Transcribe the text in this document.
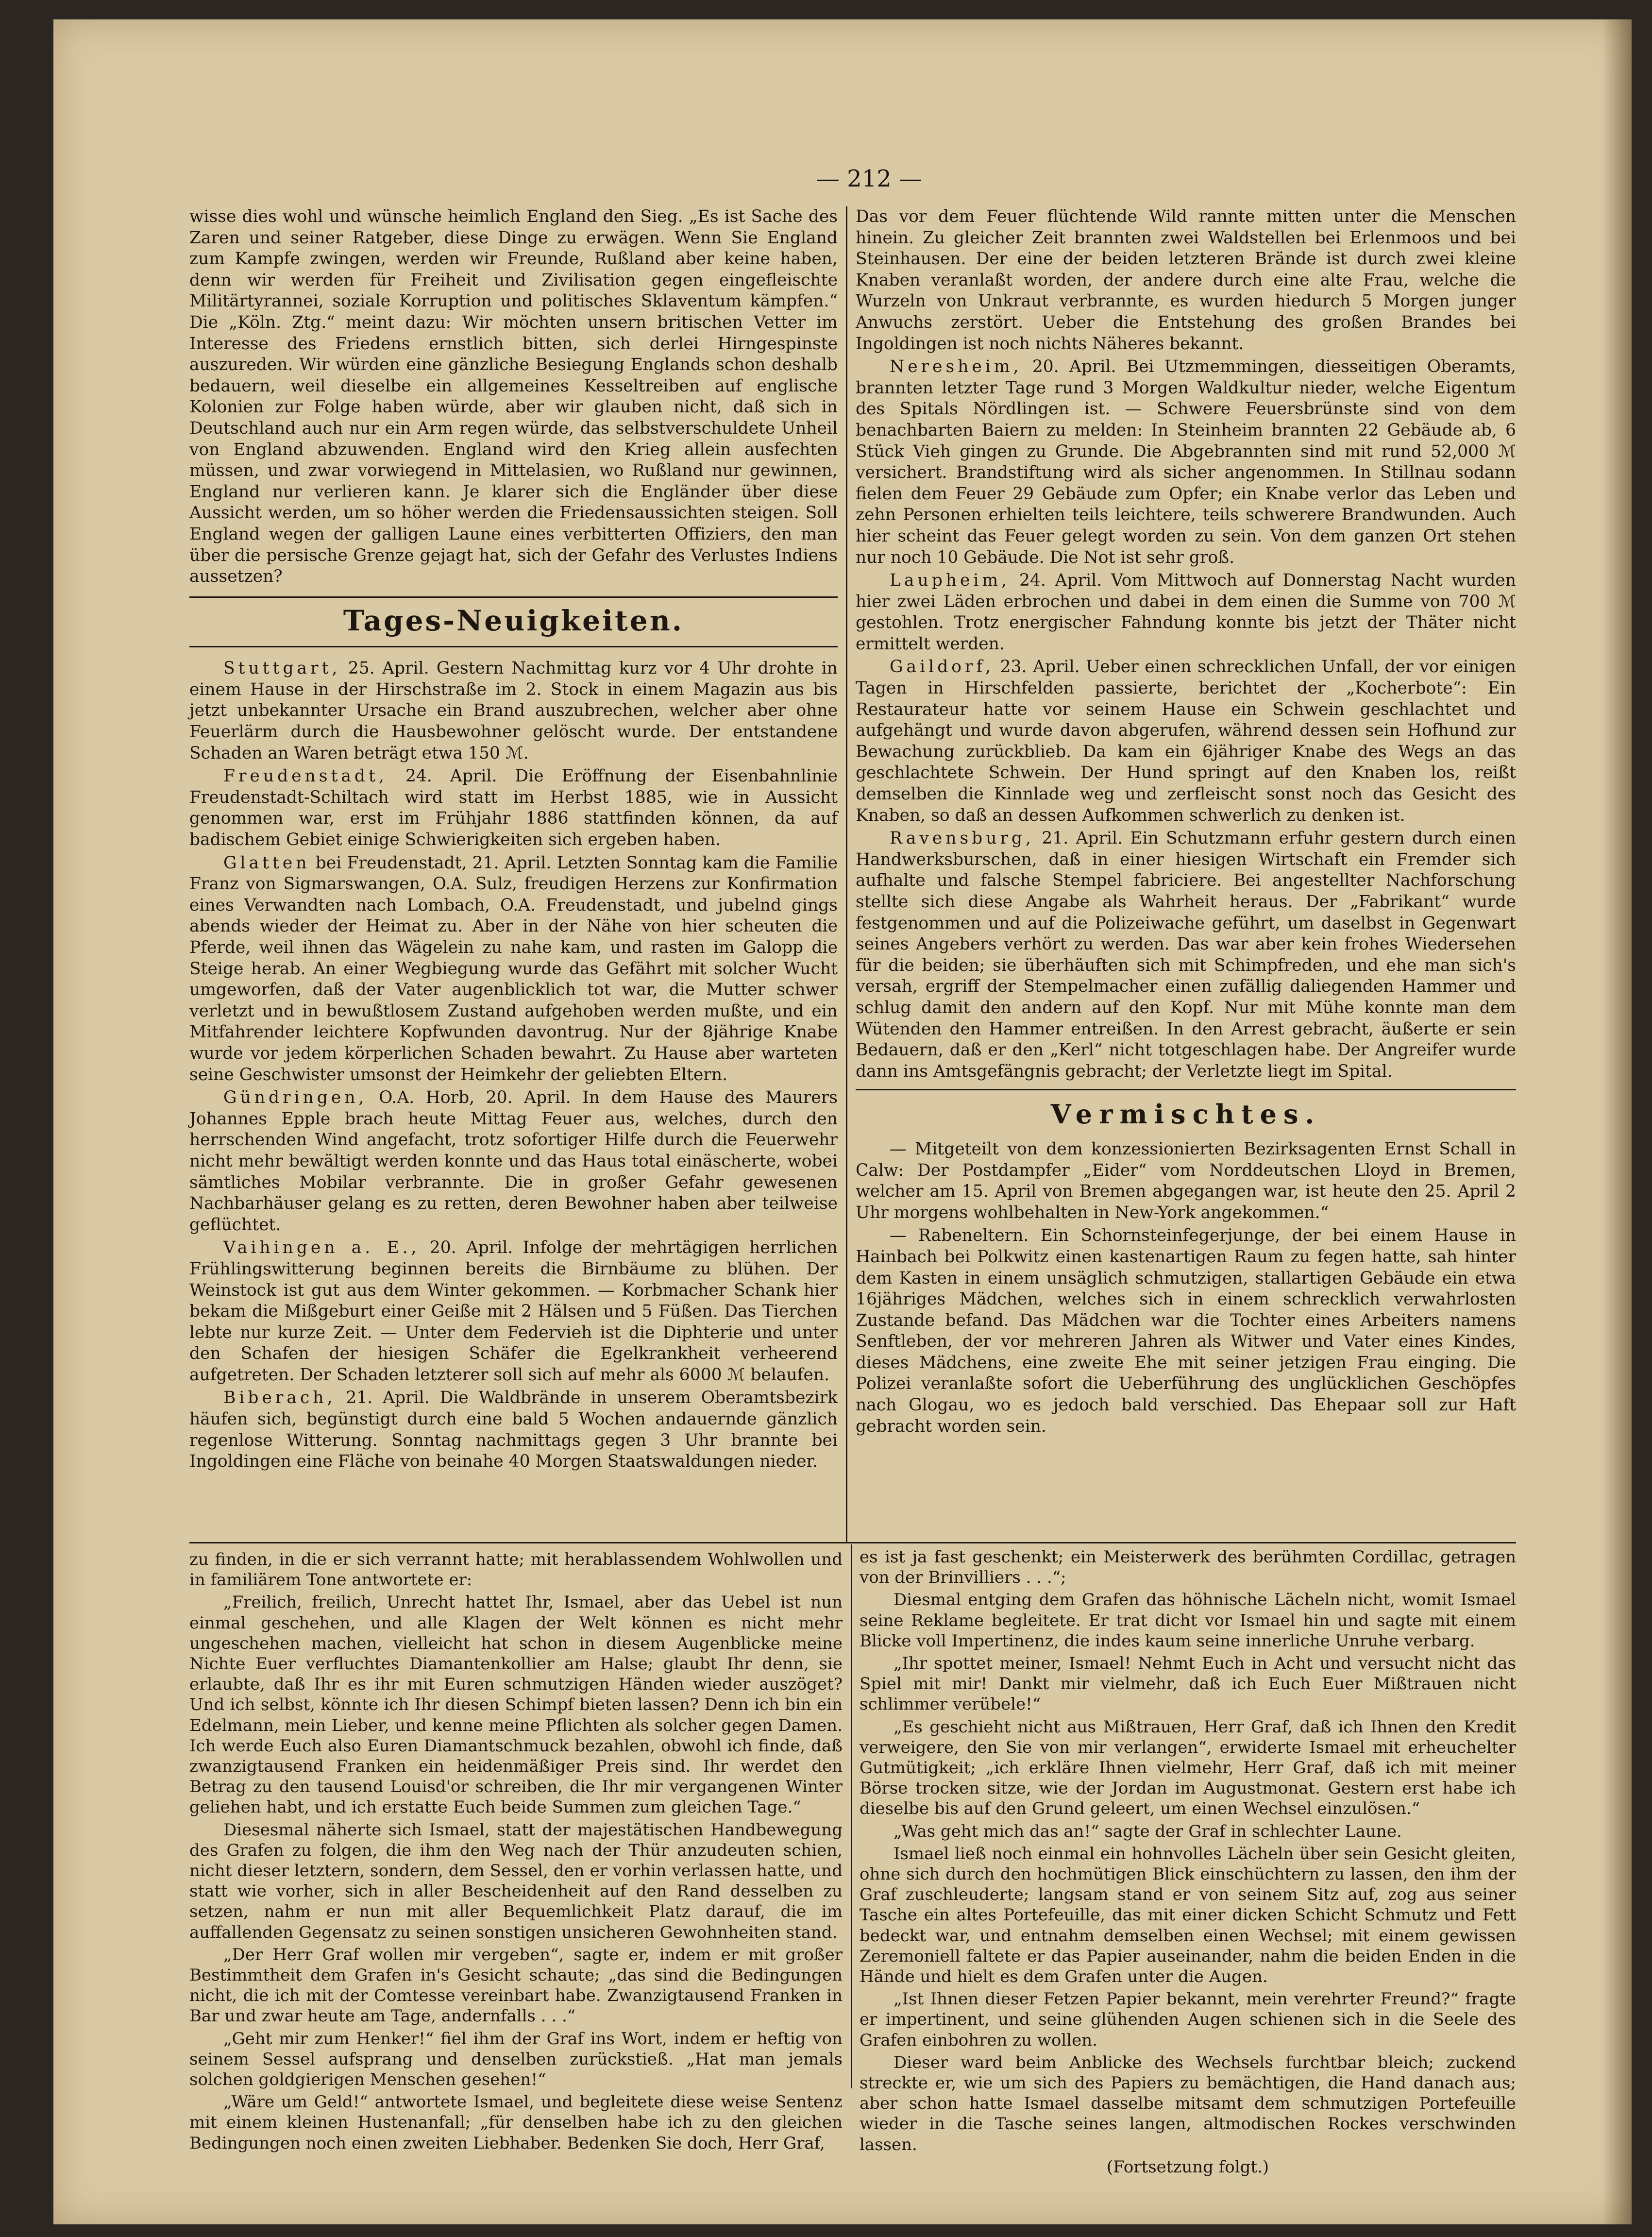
— 212 —

wisse dies wohl und wünsche heimlich England den Sieg. „Es ist Sache des Zaren und seiner Ratgeber, diese Dinge zu erwägen. Wenn Sie England zum Kampfe zwingen, werden wir Freunde, Rußland aber keine haben, denn wir werden für Freiheit und Zivilisation gegen eingefleischte Militärtyrannei, soziale Korruption und politisches Sklaventum kämpfen.“ Die „Köln. Ztg.“ meint dazu: Wir möchten unsern britischen Vetter im Interesse des Friedens ernstlich bitten, sich derlei Hirngespinste auszureden. Wir würden eine gänzliche Besiegung Englands schon deshalb bedauern, weil dieselbe ein allgemeines Kesseltreiben auf englische Kolonien zur Folge haben würde, aber wir glauben nicht, daß sich in Deutschland auch nur ein Arm regen würde, das selbstverschuldete Unheil von England abzuwenden. England wird den Krieg allein ausfechten müssen, und zwar vorwiegend in Mittelasien, wo Rußland nur gewinnen, England nur verlieren kann. Je klarer sich die Engländer über diese Aussicht werden, um so höher werden die Friedensaussichten steigen. Soll England wegen der galligen Laune eines verbitterten Offiziers, den man über die persische Grenze gejagt hat, sich der Gefahr des Verlustes Indiens aussetzen?

Tages-Neuigkeiten.

Stuttgart, 25. April. Gestern Nachmittag kurz vor 4 Uhr drohte in einem Hause in der Hirschstraße im 2. Stock in einem Magazin aus bis jetzt unbekannter Ursache ein Brand auszubrechen, welcher aber ohne Feuerlärm durch die Hausbewohner gelöscht wurde. Der entstandene Schaden an Waren beträgt etwa 150 ℳ.

Freudenstadt, 24. April. Die Eröffnung der Eisenbahnlinie Freudenstadt-Schiltach wird statt im Herbst 1885, wie in Aussicht genommen war, erst im Frühjahr 1886 stattfinden können, da auf badischem Gebiet einige Schwierigkeiten sich ergeben haben.

Glatten bei Freudenstadt, 21. April. Letzten Sonntag kam die Familie Franz von Sigmarswangen, O.A. Sulz, freudigen Herzens zur Konfirmation eines Verwandten nach Lombach, O.A. Freudenstadt, und jubelnd gings abends wieder der Heimat zu. Aber in der Nähe von hier scheuten die Pferde, weil ihnen das Wägelein zu nahe kam, und rasten im Galopp die Steige herab. An einer Wegbiegung wurde das Gefährt mit solcher Wucht umgeworfen, daß der Vater augenblicklich tot war, die Mutter schwer verletzt und in bewußtlosem Zustand aufgehoben werden mußte, und ein Mitfahrender leichtere Kopfwunden davontrug. Nur der 8jährige Knabe wurde vor jedem körperlichen Schaden bewahrt. Zu Hause aber warteten seine Geschwister umsonst der Heimkehr der geliebten Eltern.

Gündringen, O.A. Horb, 20. April. In dem Hause des Maurers Johannes Epple brach heute Mittag Feuer aus, welches, durch den herrschenden Wind angefacht, trotz sofortiger Hilfe durch die Feuerwehr nicht mehr bewältigt werden konnte und das Haus total einäscherte, wobei sämtliches Mobilar verbrannte. Die in großer Gefahr gewesenen Nachbarhäuser gelang es zu retten, deren Bewohner haben aber teilweise geflüchtet.

Vaihingen a. E., 20. April. Infolge der mehrtägigen herrlichen Frühlingswitterung beginnen bereits die Birnbäume zu blühen. Der Weinstock ist gut aus dem Winter gekommen. — Korbmacher Schank hier bekam die Mißgeburt einer Geiße mit 2 Hälsen und 5 Füßen. Das Tierchen lebte nur kurze Zeit. — Unter dem Federvieh ist die Diphterie und unter den Schafen der hiesigen Schäfer die Egelkrankheit verheerend aufgetreten. Der Schaden letzterer soll sich auf mehr als 6000 ℳ belaufen.

Biberach, 21. April. Die Waldbrände in unserem Oberamtsbezirk häufen sich, begünstigt durch eine bald 5 Wochen andauernde gänzlich regenlose Witterung. Sonntag nachmittags gegen 3 Uhr brannte bei Ingoldingen eine Fläche von beinahe 40 Morgen Staatswaldungen nieder.

Das vor dem Feuer flüchtende Wild rannte mitten unter die Menschen hinein. Zu gleicher Zeit brannten zwei Waldstellen bei Erlenmoos und bei Steinhausen. Der eine der beiden letzteren Brände ist durch zwei kleine Knaben veranlaßt worden, der andere durch eine alte Frau, welche die Wurzeln von Unkraut verbrannte, es wurden hiedurch 5 Morgen junger Anwuchs zerstört. Ueber die Entstehung des großen Brandes bei Ingoldingen ist noch nichts Näheres bekannt.

Neresheim, 20. April. Bei Utzmemmingen, diesseitigen Oberamts, brannten letzter Tage rund 3 Morgen Waldkultur nieder, welche Eigentum des Spitals Nördlingen ist. — Schwere Feuersbrünste sind von dem benachbarten Baiern zu melden: In Steinheim brannten 22 Gebäude ab, 6 Stück Vieh gingen zu Grunde. Die Abgebrannten sind mit rund 52,000 ℳ versichert. Brandstiftung wird als sicher angenommen. In Stillnau sodann fielen dem Feuer 29 Gebäude zum Opfer; ein Knabe verlor das Leben und zehn Personen erhielten teils leichtere, teils schwerere Brandwunden. Auch hier scheint das Feuer gelegt worden zu sein. Von dem ganzen Ort stehen nur noch 10 Gebäude. Die Not ist sehr groß.

Laupheim, 24. April. Vom Mittwoch auf Donnerstag Nacht wurden hier zwei Läden erbrochen und dabei in dem einen die Summe von 700 ℳ gestohlen. Trotz energischer Fahndung konnte bis jetzt der Thäter nicht ermittelt werden.

Gaildorf, 23. April. Ueber einen schrecklichen Unfall, der vor einigen Tagen in Hirschfelden passierte, berichtet der „Kocherbote“: Ein Restaurateur hatte vor seinem Hause ein Schwein geschlachtet und aufgehängt und wurde davon abgerufen, während dessen sein Hofhund zur Bewachung zurückblieb. Da kam ein 6jähriger Knabe des Wegs an das geschlachtete Schwein. Der Hund springt auf den Knaben los, reißt demselben die Kinnlade weg und zerfleischt sonst noch das Gesicht des Knaben, so daß an dessen Aufkommen schwerlich zu denken ist.

Ravensburg, 21. April. Ein Schutzmann erfuhr gestern durch einen Handwerksburschen, daß in einer hiesigen Wirtschaft ein Fremder sich aufhalte und falsche Stempel fabriciere. Bei angestellter Nachforschung stellte sich diese Angabe als Wahrheit heraus. Der „Fabrikant“ wurde festgenommen und auf die Polizeiwache geführt, um daselbst in Gegenwart seines Angebers verhört zu werden. Das war aber kein frohes Wiedersehen für die beiden; sie überhäuften sich mit Schimpfreden, und ehe man sich's versah, ergriff der Stempelmacher einen zufällig daliegenden Hammer und schlug damit den andern auf den Kopf. Nur mit Mühe konnte man dem Wütenden den Hammer entreißen. In den Arrest gebracht, äußerte er sein Bedauern, daß er den „Kerl“ nicht totgeschlagen habe. Der Angreifer wurde dann ins Amtsgefängnis gebracht; der Verletzte liegt im Spital.

Vermischtes.

— Mitgeteilt von dem konzessionierten Bezirksagenten Ernst Schall in Calw: Der Postdampfer „Eider“ vom Norddeutschen Lloyd in Bremen, welcher am 15. April von Bremen abgegangen war, ist heute den 25. April 2 Uhr morgens wohlbehalten in New-York angekommen.“

— Rabeneltern. Ein Schornsteinfegerjunge, der bei einem Hause in Hainbach bei Polkwitz einen kastenartigen Raum zu fegen hatte, sah hinter dem Kasten in einem unsäglich schmutzigen, stallartigen Gebäude ein etwa 16jähriges Mädchen, welches sich in einem schrecklich verwahrlosten Zustande befand. Das Mädchen war die Tochter eines Arbeiters namens Senftleben, der vor mehreren Jahren als Witwer und Vater eines Kindes, dieses Mädchens, eine zweite Ehe mit seiner jetzigen Frau einging. Die Polizei veranlaßte sofort die Ueberführung des unglücklichen Geschöpfes nach Glogau, wo es jedoch bald verschied. Das Ehepaar soll zur Haft gebracht worden sein.

zu finden, in die er sich verrannt hatte; mit herablassendem Wohlwollen und in familiärem Tone antwortete er:

„Freilich, freilich, Unrecht hattet Ihr, Ismael, aber das Uebel ist nun einmal geschehen, und alle Klagen der Welt können es nicht mehr ungeschehen machen, vielleicht hat schon in diesem Augenblicke meine Nichte Euer verfluchtes Diamantenkollier am Halse; glaubt Ihr denn, sie erlaubte, daß Ihr es ihr mit Euren schmutzigen Händen wieder auszöget? Und ich selbst, könnte ich Ihr diesen Schimpf bieten lassen? Denn ich bin ein Edelmann, mein Lieber, und kenne meine Pflichten als solcher gegen Damen. Ich werde Euch also Euren Diamantschmuck bezahlen, obwohl ich finde, daß zwanzigtausend Franken ein heidenmäßiger Preis sind. Ihr werdet den Betrag zu den tausend Louisd'or schreiben, die Ihr mir vergangenen Winter geliehen habt, und ich erstatte Euch beide Summen zum gleichen Tage.“

Diesesmal näherte sich Ismael, statt der majestätischen Handbewegung des Grafen zu folgen, die ihm den Weg nach der Thür anzudeuten schien, nicht dieser letztern, sondern, dem Sessel, den er vorhin verlassen hatte, und statt wie vorher, sich in aller Bescheidenheit auf den Rand desselben zu setzen, nahm er nun mit aller Bequemlichkeit Platz darauf, die im auffallenden Gegensatz zu seinen sonstigen unsicheren Gewohnheiten stand.

„Der Herr Graf wollen mir vergeben“, sagte er, indem er mit großer Bestimmtheit dem Grafen in's Gesicht schaute; „das sind die Bedingungen nicht, die ich mit der Comtesse vereinbart habe. Zwanzigtausend Franken in Bar und zwar heute am Tage, andernfalls . . .“

„Geht mir zum Henker!“ fiel ihm der Graf ins Wort, indem er heftig von seinem Sessel aufsprang und denselben zurückstieß. „Hat man jemals solchen goldgierigen Menschen gesehen!“

„Wäre um Geld!“ antwortete Ismael, und begleitete diese weise Sentenz mit einem kleinen Hustenanfall; „für denselben habe ich zu den gleichen Bedingungen noch einen zweiten Liebhaber. Bedenken Sie doch, Herr Graf,

es ist ja fast geschenkt; ein Meisterwerk des berühmten Cordillac, getragen von der Brinvilliers . . .“;

Diesmal entging dem Grafen das höhnische Lächeln nicht, womit Ismael seine Reklame begleitete. Er trat dicht vor Ismael hin und sagte mit einem Blicke voll Impertinenz, die indes kaum seine innerliche Unruhe verbarg.

„Ihr spottet meiner, Ismael! Nehmt Euch in Acht und versucht nicht das Spiel mit mir! Dankt mir vielmehr, daß ich Euch Euer Mißtrauen nicht schlimmer verübele!“

„Es geschieht nicht aus Mißtrauen, Herr Graf, daß ich Ihnen den Kredit verweigere, den Sie von mir verlangen“, erwiderte Ismael mit erheuchelter Gutmütigkeit; „ich erkläre Ihnen vielmehr, Herr Graf, daß ich mit meiner Börse trocken sitze, wie der Jordan im Augustmonat. Gestern erst habe ich dieselbe bis auf den Grund geleert, um einen Wechsel einzulösen.“

„Was geht mich das an!“ sagte der Graf in schlechter Laune.

Ismael ließ noch einmal ein hohnvolles Lächeln über sein Gesicht gleiten, ohne sich durch den hochmütigen Blick einschüchtern zu lassen, den ihm der Graf zuschleuderte; langsam stand er von seinem Sitz auf, zog aus seiner Tasche ein altes Portefeuille, das mit einer dicken Schicht Schmutz und Fett bedeckt war, und entnahm demselben einen Wechsel; mit einem gewissen Zeremoniell faltete er das Papier auseinander, nahm die beiden Enden in die Hände und hielt es dem Grafen unter die Augen.

„Ist Ihnen dieser Fetzen Papier bekannt, mein verehrter Freund?“ fragte er impertinent, und seine glühenden Augen schienen sich in die Seele des Grafen einbohren zu wollen.

Dieser ward beim Anblicke des Wechsels furchtbar bleich; zuckend streckte er, wie um sich des Papiers zu bemächtigen, die Hand danach aus; aber schon hatte Ismael dasselbe mitsamt dem schmutzigen Portefeuille wieder in die Tasche seines langen, altmodischen Rockes verschwinden lassen.

(Fortsetzung folgt.)
